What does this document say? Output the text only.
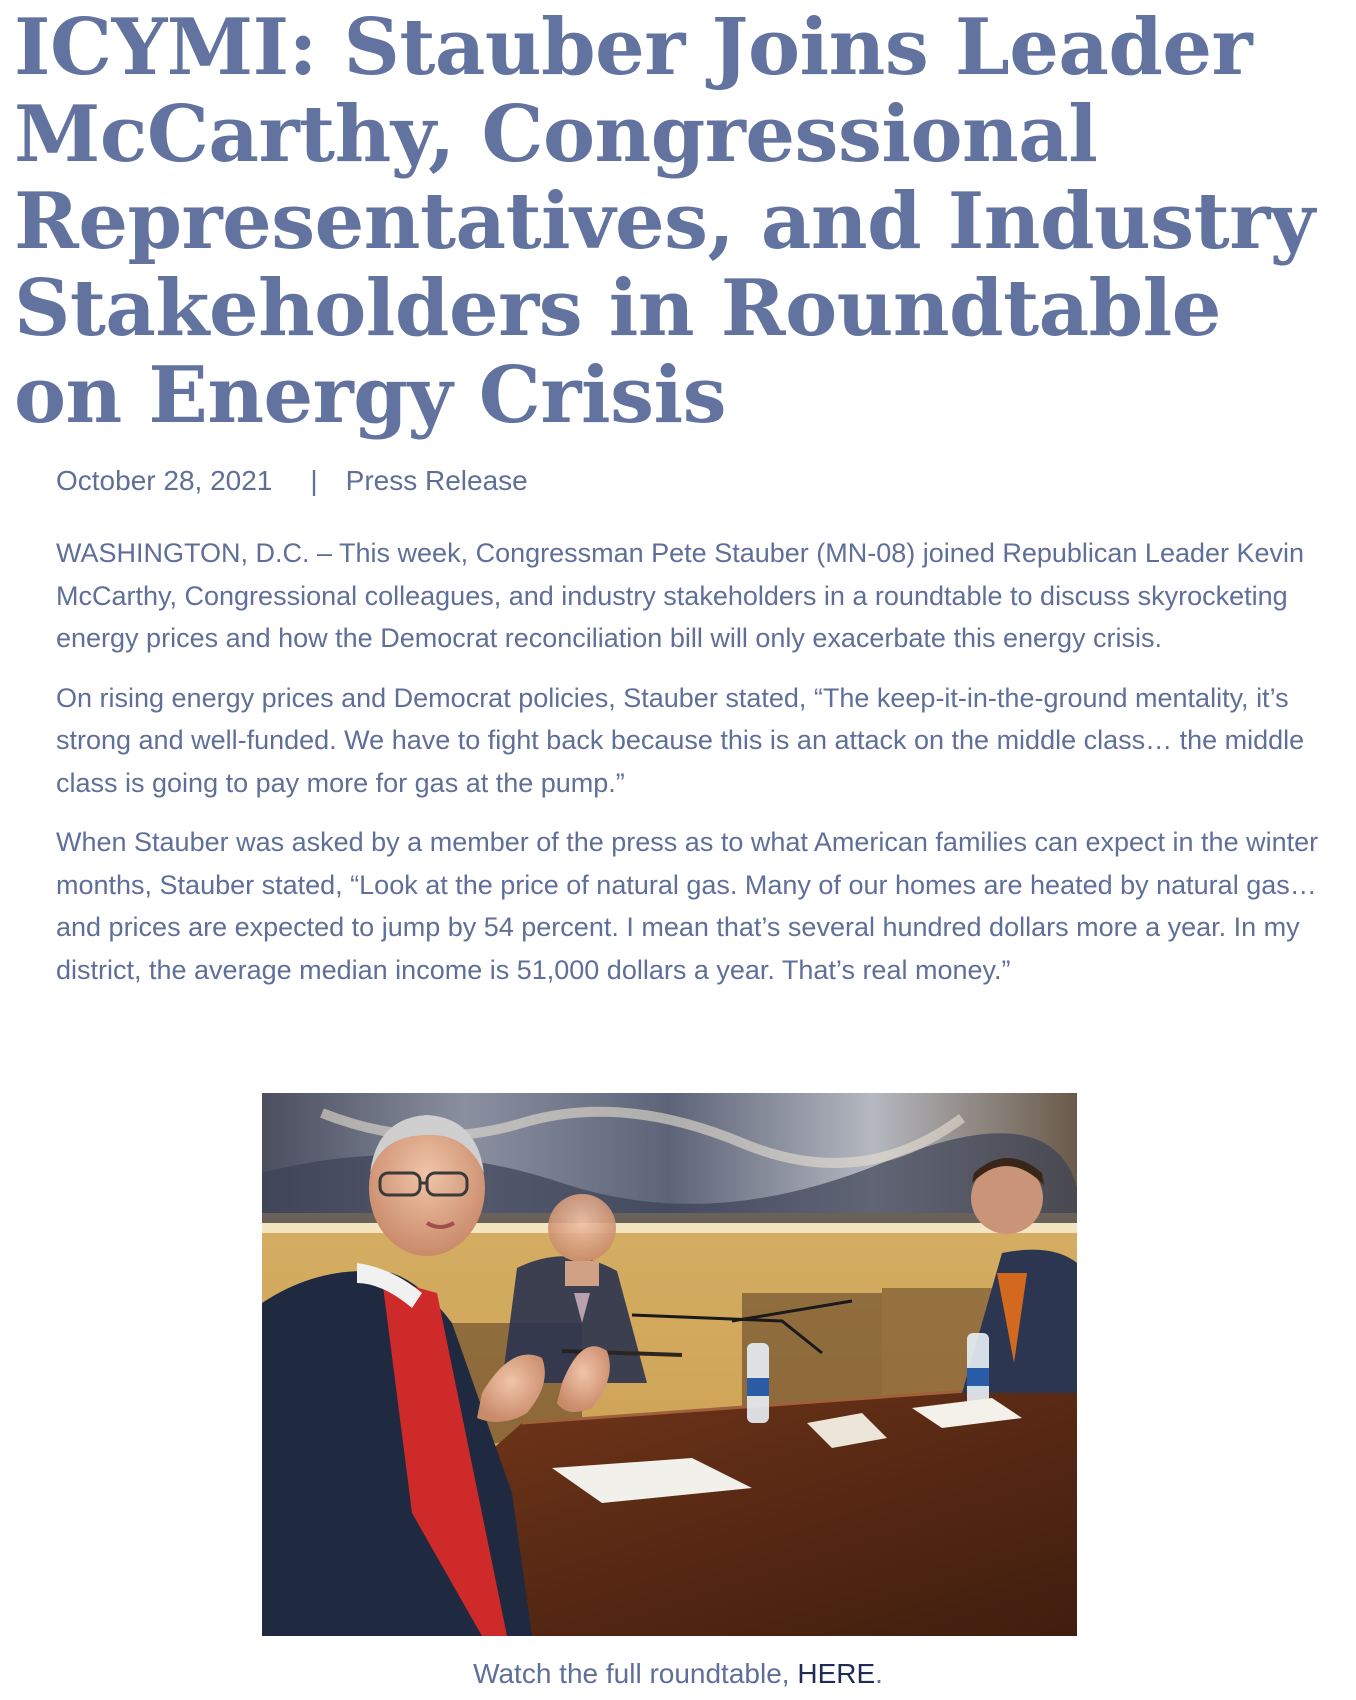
ICYMI: Stauber Joins Leader McCarthy, Congressional Representatives, and Industry Stakeholders in Roundtable on Energy Crisis
October 28, 2021 | Press Release

WASHINGTON, D.C. – This week, Congressman Pete Stauber (MN-08) joined Republican Leader Kevin McCarthy, Congressional colleagues, and industry stakeholders in a roundtable to discuss skyrocketing energy prices and how the Democrat reconciliation bill will only exacerbate this energy crisis.

On rising energy prices and Democrat policies, Stauber stated, “The keep-it-in-the-ground mentality, it’s strong and well-funded. We have to fight back because this is an attack on the middle class… the middle class is going to pay more for gas at the pump.”

When Stauber was asked by a member of the press as to what American families can expect in the winter months, Stauber stated, “Look at the price of natural gas. Many of our homes are heated by natural gas…and prices are expected to jump by 54 percent. I mean that’s several hundred dollars more a year. In my district, the average median income is 51,000 dollars a year. That’s real money.”

Watch the full roundtable, HERE.
